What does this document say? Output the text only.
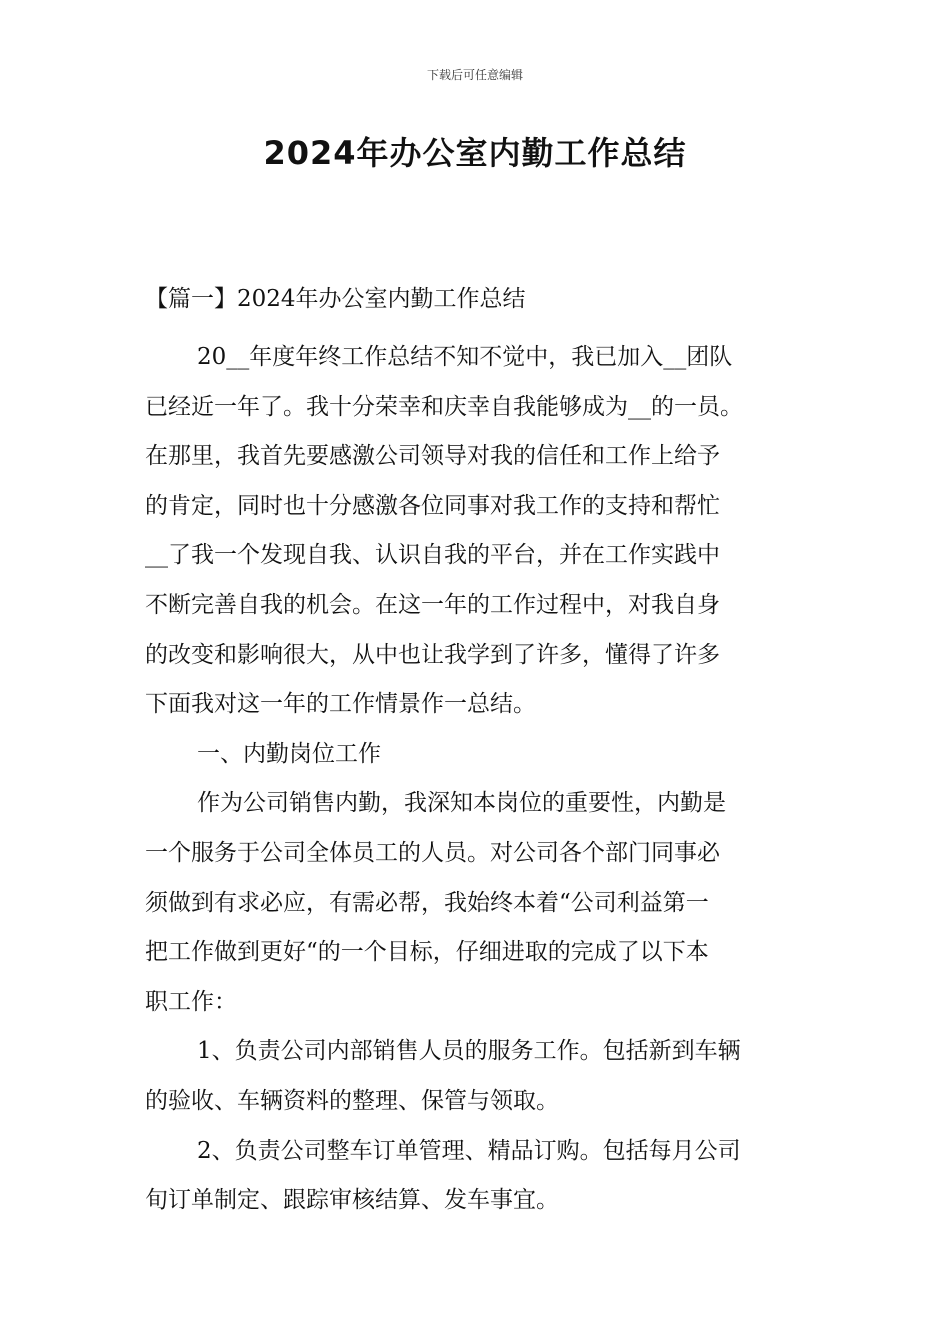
下载后可任意编辑
2024年办公室内勤工作总结
【篇一】2024年办公室内勤工作总结
20__年度年终工作总结不知不觉中，我已加入__团队
已经近一年了。我十分荣幸和庆幸自我能够成为__的一员。
在那里，我首先要感激公司领导对我的信任和工作上给予
的肯定，同时也十分感激各位同事对我工作的支持和帮忙
__了我一个发现自我、认识自我的平台，并在工作实践中
不断完善自我的机会。在这一年的工作过程中，对我自身
的改变和影响很大，从中也让我学到了许多，懂得了许多
下面我对这一年的工作情景作一总结。
一、内勤岗位工作
作为公司销售内勤，我深知本岗位的重要性，内勤是
一个服务于公司全体员工的人员。对公司各个部门同事必
须做到有求必应，有需必帮，我始终本着“公司利益第一
把工作做到更好“的一个目标，仔细进取的完成了以下本
职工作：
1、负责公司内部销售人员的服务工作。包括新到车辆
的验收、车辆资料的整理、保管与领取。
2、负责公司整车订单管理、精品订购。包括每月公司
旬订单制定、跟踪审核结算、发车事宜。
